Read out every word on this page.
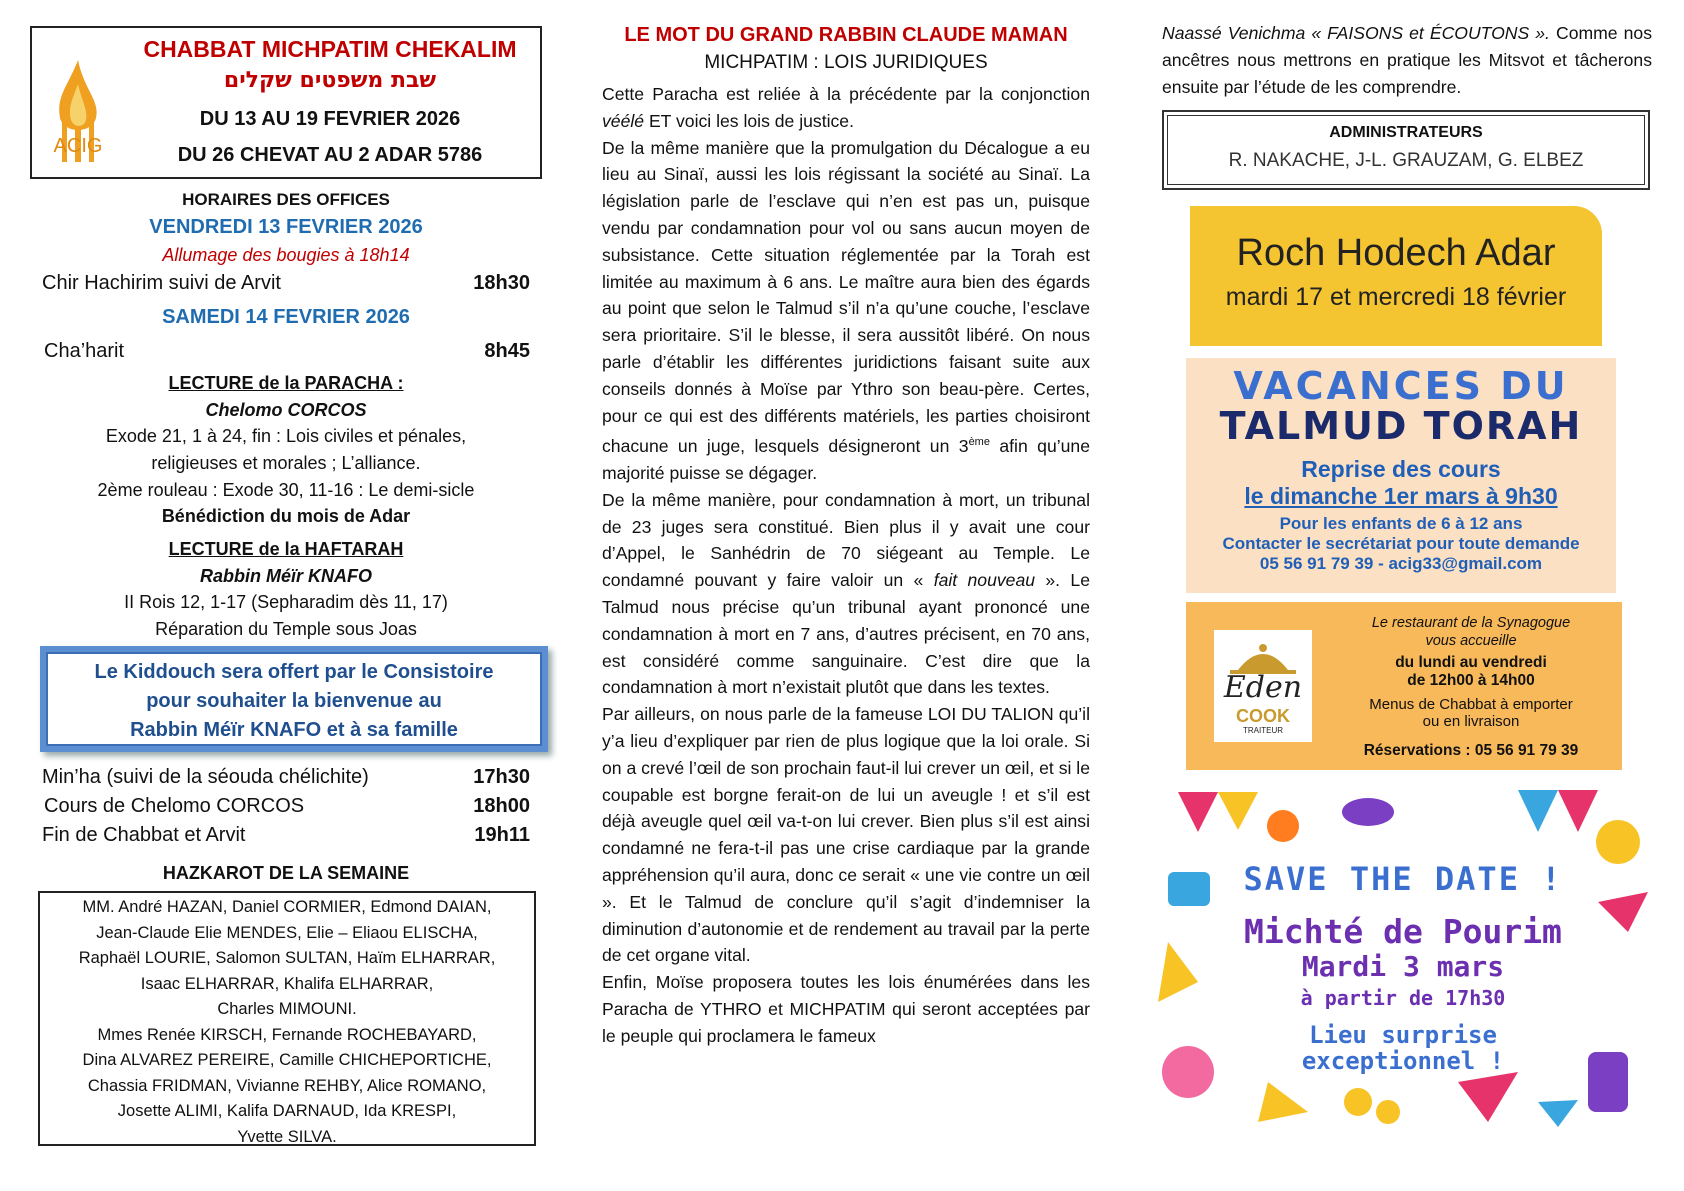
ACIG
CHABBAT MICHPATIM CHEKALIM
שבת משפטים שקלים
DU 13 AU 19 FEVRIER 2026
DU 26 CHEVAT AU 2 ADAR 5786
HORAIRES DES OFFICES
VENDREDI 13 FEVRIER 2026
Allumage des bougies à 18h14
Chir Hachirim suivi de Arvit	18h30
SAMEDI 14 FEVRIER 2026
Cha’harit	8h45
LECTURE de la PARACHA :
Chelomo CORCOS
Exode 21, 1 à 24, fin : Lois civiles et pénales,
religieuses et morales ; L’alliance.
2ème rouleau : Exode 30, 11-16 : Le demi-sicle
Bénédiction du mois de Adar
LECTURE de la HAFTARAH
Rabbin Méïr KNAFO
II Rois 12, 1-17 (Sepharadim dès 11, 17)
Réparation du Temple sous Joas
Le Kiddouch sera offert par le Consistoire
pour souhaiter la bienvenue au
Rabbin Méïr KNAFO et à sa famille
Min’ha (suivi de la séouda chélichite)	17h30
Cours de Chelomo CORCOS	18h00
Fin de Chabbat et Arvit	19h11
HAZKAROT DE LA SEMAINE
MM. André HAZAN, Daniel CORMIER, Edmond DAIAN,
Jean-Claude Elie MENDES, Elie – Eliaou ELISCHA,
Raphaël LOURIE, Salomon SULTAN, Haïm ELHARRAR,
Isaac ELHARRAR, Khalifa ELHARRAR,
Charles MIMOUNI.
Mmes Renée KIRSCH, Fernande ROCHEBAYARD,
Dina ALVAREZ PEREIRE, Camille CHICHEPORTICHE,
Chassia FRIDMAN, Vivianne REHBY, Alice ROMANO,
Josette ALIMI, Kalifa DARNAUD, Ida KRESPI,
Yvette SILVA.
LE MOT DU GRAND RABBIN CLAUDE MAMAN
MICHPATIM : LOIS JURIDIQUES

Cette Paracha est reliée à la précédente par la conjonction véélé ET voici les lois de justice.

De la même manière que la promulgation du Décalogue a eu lieu au Sinaï, aussi les lois régissant la société au Sinaï. La législation parle de l’esclave qui n’en est pas un, puisque vendu par condamnation pour vol ou sans aucun moyen de subsistance. Cette situation réglementée par la Torah est limitée au maximum à 6 ans. Le maître aura bien des égards au point que selon le Talmud s’il n’a qu’une couche, l’esclave sera prioritaire. S’il le blesse, il sera aussitôt libéré. On nous parle d’établir les différentes juridictions faisant suite aux conseils donnés à Moïse par Ythro son beau-père. Certes, pour ce qui est des différents matériels, les parties choisiront chacune un juge, lesquels désigneront un 3ème afin qu’une majorité puisse se dégager.

De la même manière, pour condamnation à mort, un tribunal de 23 juges sera constitué. Bien plus il y avait une cour d’Appel, le Sanhédrin de 70 siégeant au Temple. Le condamné pouvant y faire valoir un « fait nouveau ». Le Talmud nous précise qu’un tribunal ayant prononcé une condamnation à mort en 7 ans, d’autres précisent, en 70 ans, est considéré comme sanguinaire. C’est dire que la condamnation à mort n’existait plutôt que dans les textes.

Par ailleurs, on nous parle de la fameuse LOI DU TALION qu’il y’a lieu d’expliquer par rien de plus logique que la loi orale. Si on a crevé l’œil de son prochain faut-il lui crever un œil, et si le coupable est borgne ferait-on de lui un aveugle ! et s’il est déjà aveugle quel œil va-t-on lui crever. Bien plus s’il est ainsi condamné ne fera-t-il pas une crise cardiaque par la grande appréhension qu’il aura, donc ce serait « une vie contre un œil ». Et le Talmud de conclure qu’il s’agit d’indemniser la diminution d’autonomie et de rendement au travail par la perte de cet organe vital.

Enfin, Moïse proposera toutes les lois énumérées dans les Paracha de YTHRO et MICHPATIM qui seront acceptées par le peuple qui proclamera le fameux

Naassé Venichma « FAISONS et ÉCOUTONS ». Comme nos ancêtres nous mettrons en pratique les Mitsvot et tâcherons ensuite par l’étude de les comprendre.
ADMINISTRATEURS
R. NAKACHE, J-L. GRAUZAM, G. ELBEZ
Roch Hodech Adar
mardi 17 et mercredi 18 février
VACANCES DU
TALMUD TORAH
Reprise des cours
le dimanche 1er mars à 9h30
Pour les enfants de 6 à 12 ans
Contacter le secrétariat pour toute demande
05 56 91 79 39 - acig33@gmail.com
Eden
COOK
TRAITEUR
Le restaurant de la Synagogue
vous accueille
du lundi au vendredi
de 12h00 à 14h00
Menus de Chabbat à emporter
ou en livraison
Réservations : 05 56 91 79 39
SAVE THE DATE !
Michté de Pourim
Mardi 3 mars
à partir de 17h30
Lieu surprise
exceptionnel !
